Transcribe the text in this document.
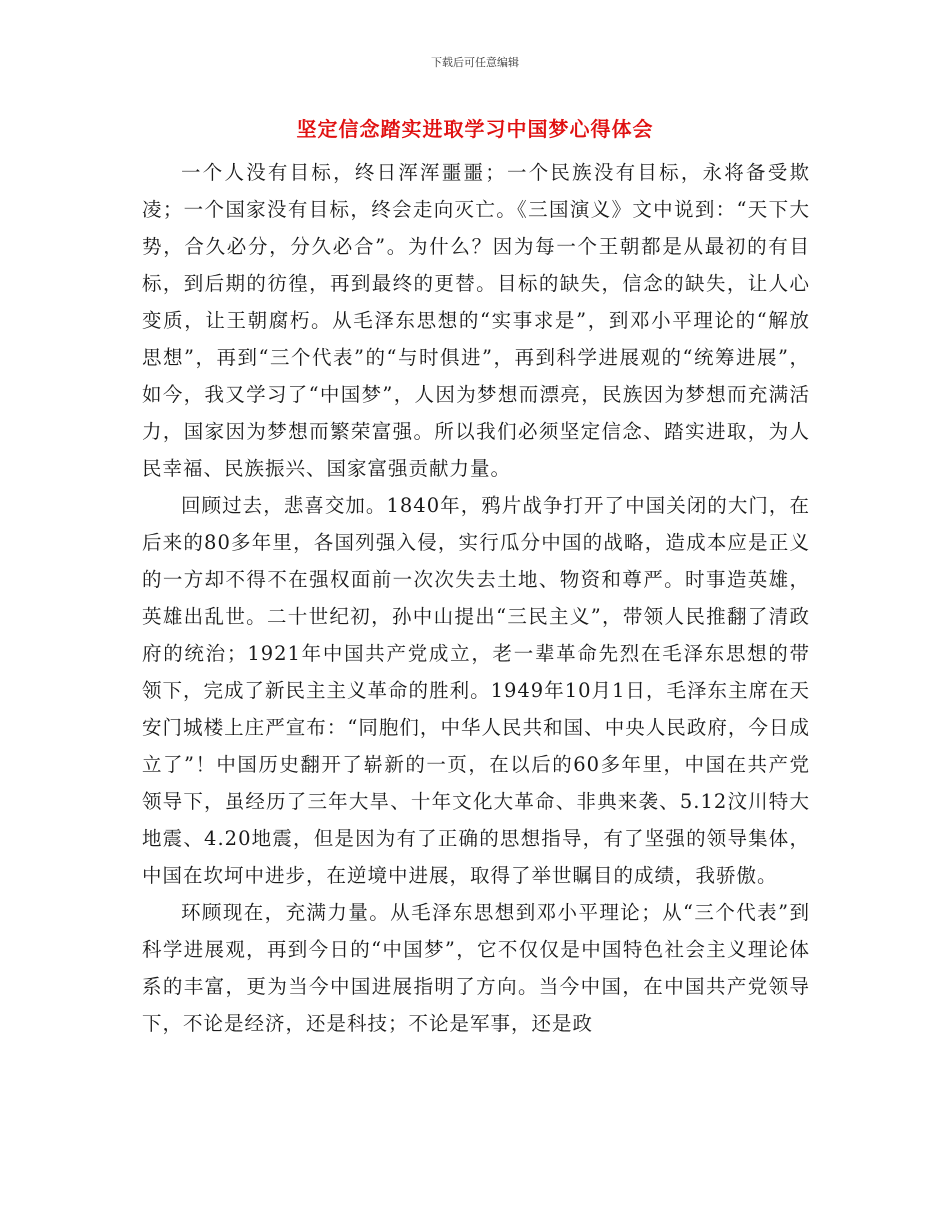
下载后可任意编辑
坚定信念踏实进取学习中国梦心得体会

一个人没有目标，终日浑浑噩噩；一个民族没有目标，永将备受欺凌；一个国家没有目标，终会走向灭亡。《三国演义》文中说到：“天下大势，合久必分，分久必合”。为什么？因为每一个王朝都是从最初的有目标，到后期的彷徨，再到最终的更替。目标的缺失，信念的缺失，让人心变质，让王朝腐朽。从毛泽东思想的“实事求是”，到邓小平理论的“解放思想”，再到“三个代表”的“与时俱进”，再到科学进展观的“统筹进展”，如今，我又学习了“中国梦”，人因为梦想而漂亮，民族因为梦想而充满活力，国家因为梦想而繁荣富强。所以我们必须坚定信念、踏实进取，为人民幸福、民族振兴、国家富强贡献力量。

回顾过去，悲喜交加。1840年，鸦片战争打开了中国关闭的大门，在后来的80多年里，各国列强入侵，实行瓜分中国的战略，造成本应是正义的一方却不得不在强权面前一次次失去土地、物资和尊严。时事造英雄，英雄出乱世。二十世纪初，孙中山提出“三民主义”，带领人民推翻了清政府的统治；1921年中国共产党成立，老一辈革命先烈在毛泽东思想的带领下，完成了新民主主义革命的胜利。1949年10月1日，毛泽东主席在天安门城楼上庄严宣布：“同胞们，中华人民共和国、中央人民政府，今日成立了”！中国历史翻开了崭新的一页，在以后的60多年里，中国在共产党领导下，虽经历了三年大旱、十年文化大革命、非典来袭、5.12汶川特大地震、4.20地震，但是因为有了正确的思想指导，有了坚强的领导集体，中国在坎坷中进步，在逆境中进展，取得了举世瞩目的成绩，我骄傲。

环顾现在，充满力量。从毛泽东思想到邓小平理论；从“三个代表”到科学进展观，再到今日的“中国梦”，它不仅仅是中国特色社会主义理论体系的丰富，更为当今中国进展指明了方向。当今中国，在中国共产党领导下，不论是经济，还是科技；不论是军事，还是政
